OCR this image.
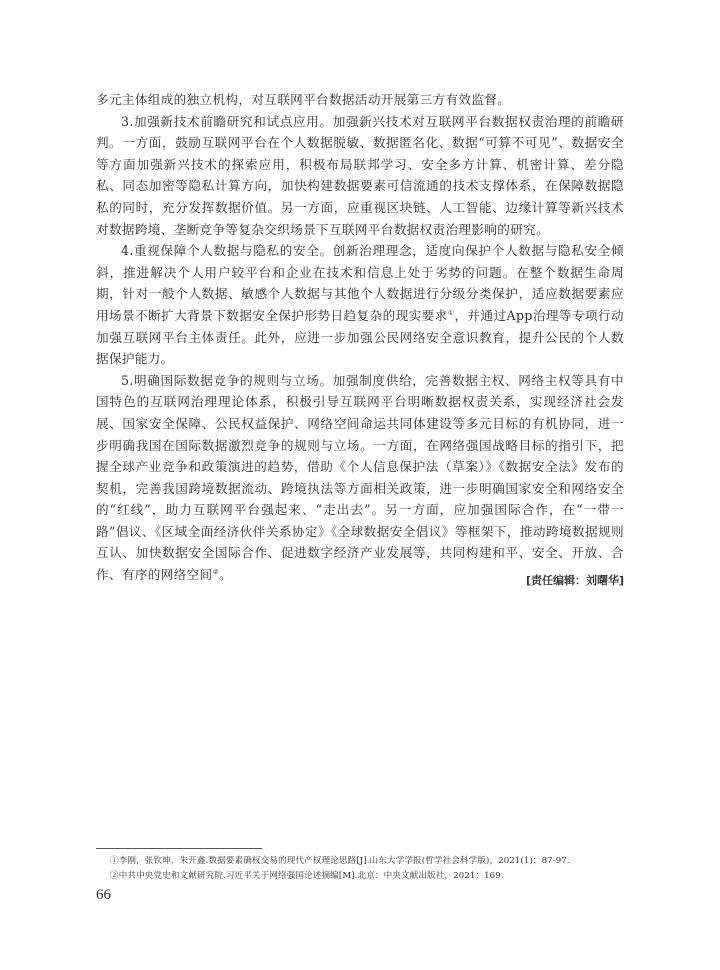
多元主体组成的独立机构，对互联网平台数据活动开展第三方有效监督。

3.加强新技术前瞻研究和试点应用。加强新兴技术对互联网平台数据权责治理的前瞻研判。一方面，鼓励互联网平台在个人数据脱敏、数据匿名化、数据“可算不可见”、数据安全等方面加强新兴技术的探索应用，积极布局联邦学习、安全多方计算、机密计算、差分隐私、同态加密等隐私计算方向，加快构建数据要素可信流通的技术支撑体系，在保障数据隐私的同时，充分发挥数据价值。另一方面，应重视区块链、人工智能、边缘计算等新兴技术对数据跨境、垄断竞争等复杂交织场景下互联网平台数据权责治理影响的研究。

4.重视保障个人数据与隐私的安全。创新治理理念，适度向保护个人数据与隐私安全倾斜，推进解决个人用户较平台和企业在技术和信息上处于劣势的问题。在整个数据生命周期，针对一般个人数据、敏感个人数据与其他个人数据进行分级分类保护，适应数据要素应用场景不断扩大背景下数据安全保护形势日趋复杂的现实要求①，并通过App治理等专项行动加强互联网平台主体责任。此外，应进一步加强公民网络安全意识教育，提升公民的个人数据保护能力。

5.明确国际数据竞争的规则与立场。加强制度供给，完善数据主权、网络主权等具有中国特色的互联网治理理论体系，积极引导互联网平台明晰数据权责关系，实现经济社会发展、国家安全保障、公民权益保护、网络空间命运共同体建设等多元目标的有机协同，进一步明确我国在国际数据激烈竞争的规则与立场。一方面，在网络强国战略目标的指引下，把握全球产业竞争和政策演进的趋势，借助《个人信息保护法（草案）》《数据安全法》发布的契机，完善我国跨境数据流动、跨境执法等方面相关政策，进一步明确国家安全和网络安全的“红线”，助力互联网平台强起来、“走出去”。另一方面，应加强国际合作，在“一带一路”倡议、《区域全面经济伙伴关系协定》《全球数据安全倡议》等框架下，推动跨境数据规则互认、加快数据安全国际合作、促进数字经济产业发展等，共同构建和平、安全、开放、合作、有序的网络空间②。	[责任编辑：刘曙华]
①李刚，张钦坤，朱开鑫.数据要素确权交易的现代产权理论思路[J].山东大学学报(哲学社会科学版)，2021(1)：87-97.
②中共中央党史和文献研究院.习近平关于网络强国论述摘编[M].北京：中央文献出版社，2021：169.
66
